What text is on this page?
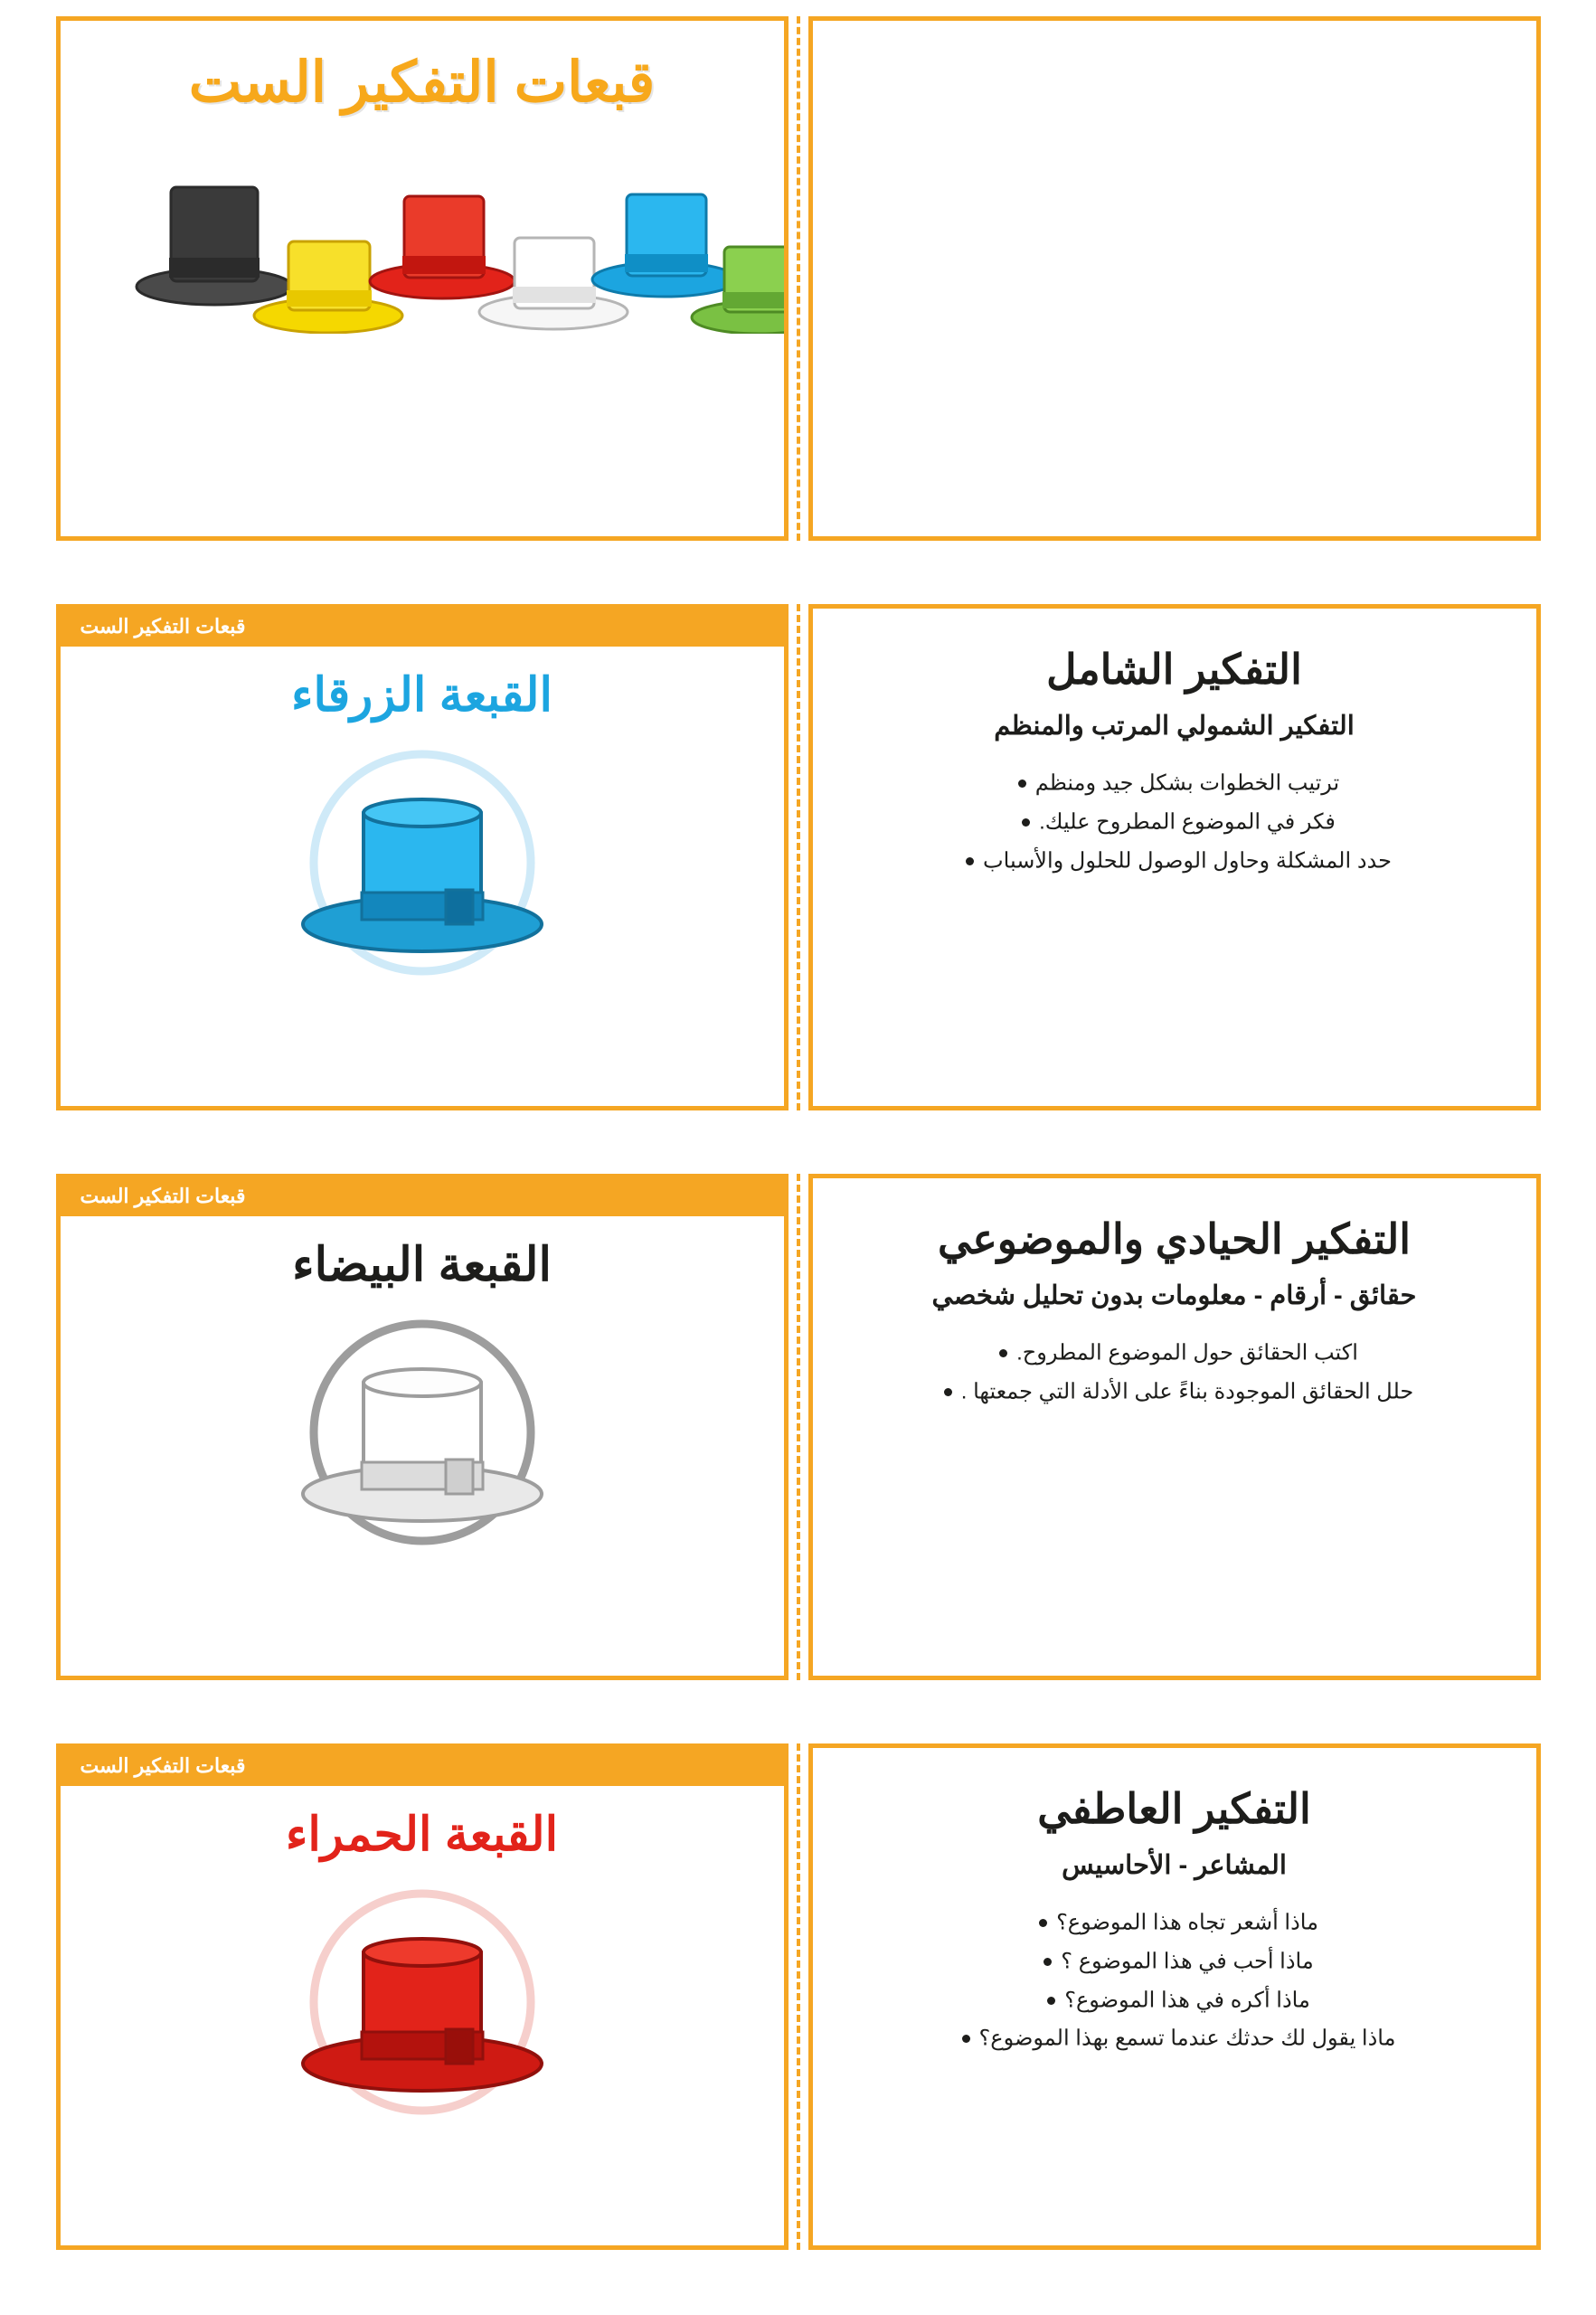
قبعات التفكير الست
قبعات التفكير الست
القبعة الزرقاء	التفكير الشامل
التفكير الشمولي المرتب والمنظم
ترتيب الخطوات بشكل جيد ومنظم
فكر في الموضوع المطروح عليك.
حدد المشكلة وحاول الوصول للحلول والأسباب
قبعات التفكير الست
القبعة البيضاء	التفكير الحيادي والموضوعي
حقائق - أرقام - معلومات بدون تحليل شخصي
اكتب الحقائق حول الموضوع المطروح.
حلل الحقائق الموجودة بناءً على الأدلة التي جمعتها .
قبعات التفكير الست
القبعة الحمراء	التفكير العاطفي
المشاعر - الأحاسيس
ماذا أشعر تجاه هذا الموضوع؟
ماذا أحب في هذا الموضوع ؟
ماذا أكره في هذا الموضوع؟
ماذا يقول لك حدثك عندما تسمع بهذا الموضوع؟
